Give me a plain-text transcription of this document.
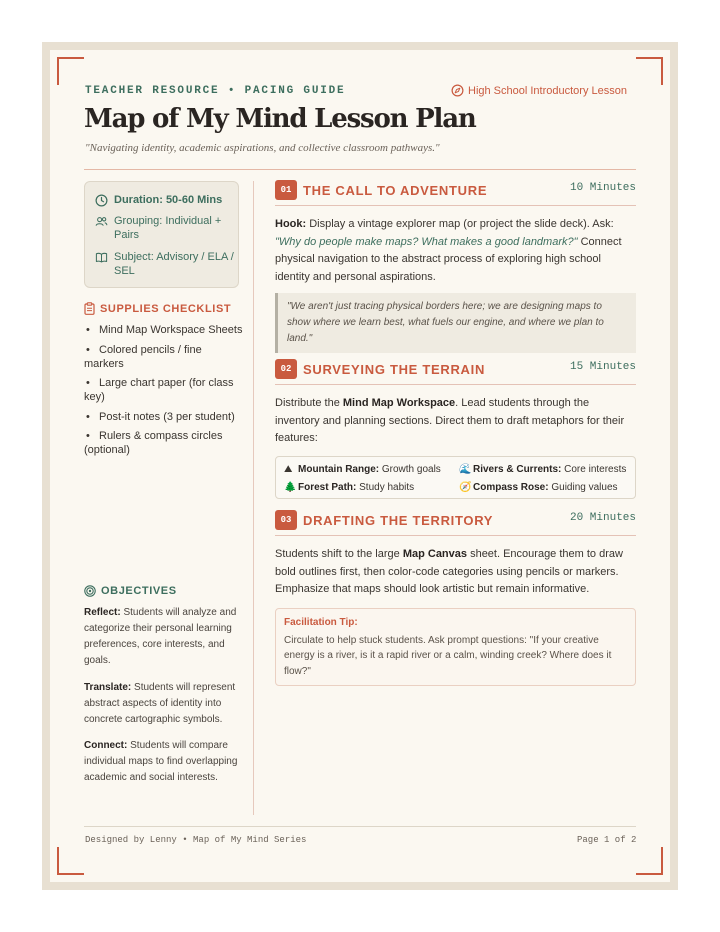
TEACHER RESOURCE • PACING GUIDE	High School Introductory Lesson
Map of My Mind Lesson Plan
"Navigating identity, academic aspirations, and collective classroom pathways."
Duration: 50-60 Mins
Grouping: Individual + Pairs
Subject: Advisory / ELA / SEL
SUPPLIES CHECKLIST
• Mind Map Workspace Sheets
• Colored pencils / fine markers
• Large chart paper (for class key)
• Post-it notes (3 per student)
• Rulers & compass circles (optional)
OBJECTIVES

Reflect: Students will analyze and categorize their personal learning preferences, core interests, and goals.

Translate: Students will represent abstract aspects of identity into concrete cartographic symbols.

Connect: Students will compare individual maps to find overlapping academic and social interests.

01 THE CALL TO ADVENTURE	10 Minutes
Hook: Display a vintage explorer map (or project the slide deck). Ask: "Why do people make maps? What makes a good landmark?" Connect physical navigation to the abstract process of exploring high school identity and personal aspirations.
"We aren't just tracing physical borders here; we are designing maps to show where we learn best, what fuels our engine, and where we plan to land."
02 SURVEYING THE TERRAIN	15 Minutes
Distribute the Mind Map Workspace. Lead students through the inventory and planning sections. Direct them to draft metaphors for their features:
⛰ Mountain Range: Growth goals	🌊 Rivers & Currents: Core interests
🌲 Forest Path: Study habits	🧭 Compass Rose: Guiding values
03 DRAFTING THE TERRITORY	20 Minutes
Students shift to the large Map Canvas sheet. Encourage them to draw bold outlines first, then color-code categories using pencils or markers. Emphasize that maps should look artistic but remain informative.
Facilitation Tip:
Circulate to help stuck students. Ask prompt questions: "If your creative energy is a river, is it a rapid river or a calm, winding creek? Where does it flow?"
Designed by Lenny • Map of My Mind Series	Page 1 of 2
